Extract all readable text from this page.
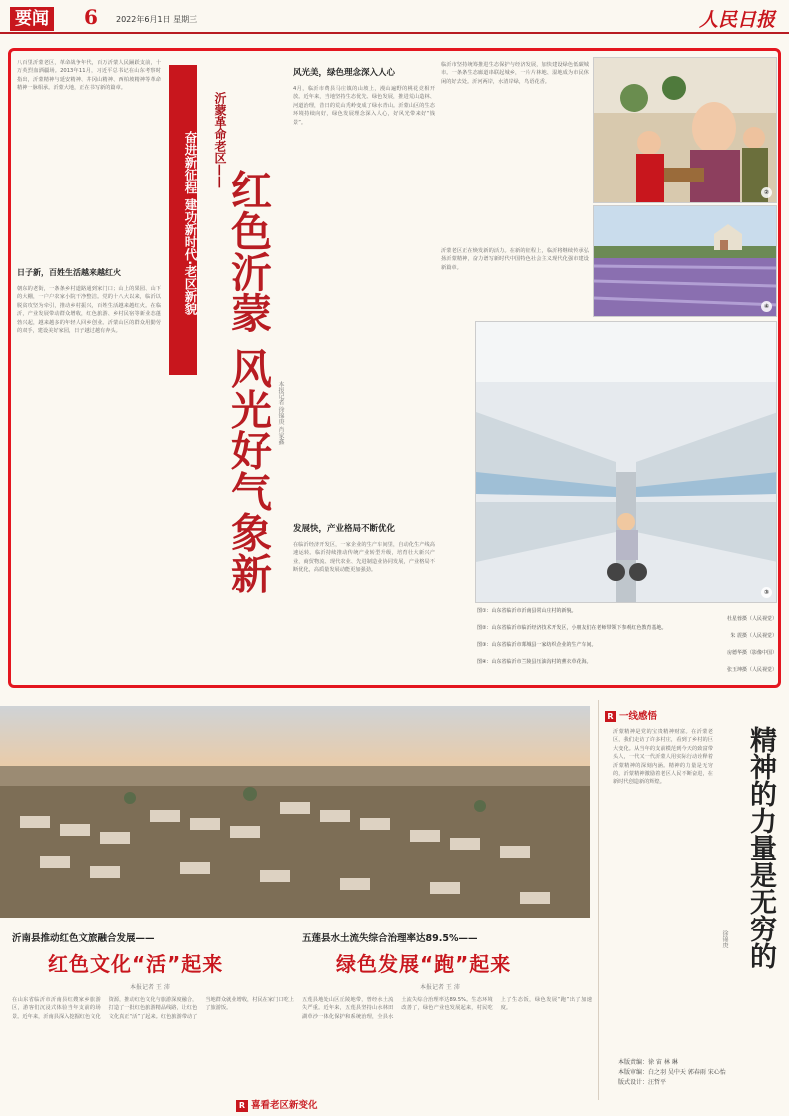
要闻 6 2022年6月1日 星期三	人民日报
八百里沂蒙老区，革命战争年代，百万沂蒙人民踊跃支前，十万英烈血洒疆场。2013年11月，习近平总书记在山东考察时指出，沂蒙精神与延安精神、井冈山精神、西柏坡精神等革命精神一脉相承。沂蒙大地，正在书写新的篇章。
日子新，百姓生活越来越红火
朝东的老街，一条条乡村道路通到家门口；山上的果园、山下的大棚，一户户农家小院干净整洁。党的十八大以来，临沂以脱贫攻坚为牵引，推动乡村振兴，百姓生活越来越红火。在临沂，产业发展带动群众增收，红色旅游、乡村民宿等新业态蓬勃兴起，越来越多的年轻人回乡创业。沂蒙山区的群众用勤劳的双手，建设美好家园，日子越过越有奔头。
奋进新征程 建功新时代·老区新貌	沂蒙革命老区——
红色沂蒙 风光好气象新 本报记者 徐锦庚 肖家鑫
风光美，绿色理念深入人心
4月，临沂市费县马庄镇的山坡上，漫山遍野的桃花竞相开放。近年来，当地坚持生态优先、绿色发展，推进荒山造林、河道治理，昔日的荒山秃岭变成了绿水青山。沂蒙山区的生态环境持续向好，绿色发展理念深入人心，好风光带来好“钱景”。
发展快，产业格局不断优化
在临沂经济开发区，一家企业的生产车间里，自动化生产线高速运转。临沂持续推动传统产业转型升级，培育壮大新兴产业，商贸物流、现代农业、先进制造业协同发展，产业格局不断优化，高质量发展动能更加强劲。
临沂市坚持统筹推进生态保护与经济发展，加快建设绿色低碳城市。一条条生态廊道串联起城乡，一片片林地、湿地成为市民休闲的好去处。沂河两岸，水清岸绿，鸟语花香。
沂蒙老区正在焕发新的活力。在新的征程上，临沂将继续传承弘扬沂蒙精神，奋力谱写新时代中国特色社会主义现代化强市建设新篇章。
②
④
③
图①：山东省临沂市沂南县常山庄村的新貌。
杜星蓉摄（人民视觉）
图②：山东省临沂市临沂经济技术开发区，小朋友们在老师带领下参观红色教育基地。
朱 震摄（人民视觉）
图③：山东省临沂市郯城县一家纺织企业的生产车间。
房德华摄（影像中国）
图④：山东省临沂市兰陵县压油沟村的薰衣草花海。
张玉坤摄（人民视觉）
R 一线感悟
沂蒙精神是党的宝贵精神财富。在沂蒙老区，我们走访了许多村庄，看到了乡村的巨大变化。从当年的支前模范到今天的致富带头人，一代又一代沂蒙人用实际行动诠释着沂蒙精神的深刻内涵。精神的力量是无穷的，沂蒙精神激励着老区人民不断奋进，在新时代创造新的辉煌。	精神的力量是无穷的
徐锦庚
沂南县推动红色文旅融合发展——
红色文化“活”起来
本报记者 王 沛
在山东省临沂市沂南县红嫂家乡旅游区，游客们沉浸式体验当年支前的场景。近年来，沂南县深入挖掘红色文化资源，推动红色文化与旅游深度融合，打造了一批红色旅游精品线路，让红色文化真正“活”了起来。红色旅游带动了当地群众就业增收，村民在家门口吃上了旅游饭。
五莲县水土流失综合治理率达89.5%——
绿色发展“跑”起来
本报记者 王 沛
五莲县地处山区丘陵地带，曾经水土流失严重。近年来，五莲县坚持山水林田湖草沙一体化保护和系统治理，全县水土流失综合治理率达89.5%。生态环境改善了，绿色产业也发展起来，村民吃上了生态饭，绿色发展“跑”出了加速度。
R 喜看老区新变化
本版责编：徐 宙 林 琳
本版审编：白之羽 吴中天 郭春雨 宋心怡
版式设计：汪哲平
